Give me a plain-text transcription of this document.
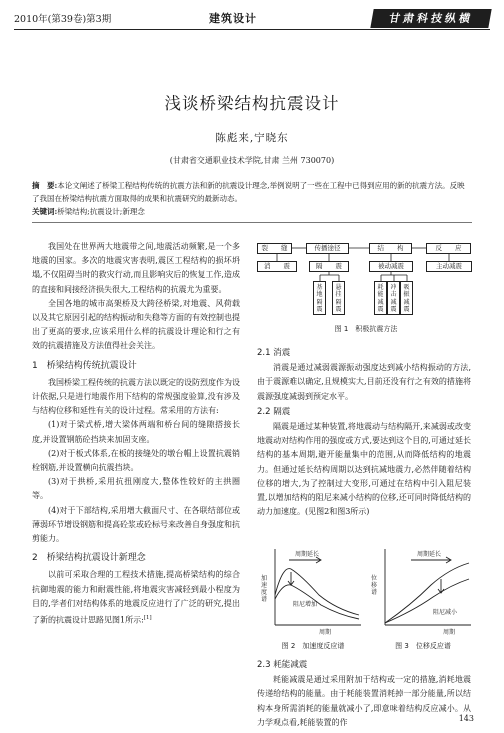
2010年(第39卷)第3期	建筑设计	甘肃科技纵横
浅谈桥梁结构抗震设计
陈彪来,宁晓东
(甘肃省交通职业技术学院,甘肃 兰州 730070)
摘　要:本论文阐述了桥梁工程结构传统的抗震方法和新的抗震设计理念,举例说明了一些在工程中已得到应用的新的抗震方法。反映了我国在桥梁结构抗震方面取得的成果和抗震研究的最新动态。
关键词:桥梁结构;抗震设计;新理念

我国处在世界两大地震带之间,地震活动频繁,是一个多地震的国家。多次的地震灾害表明,震区工程结构的损坏坍塌,不仅阻碍当时的救灾行动,而且影响灾后的恢复工作,造成的直接和间接经济损失很大,工程结构的抗震尤为重要。

全国各地的城市高架桥及大跨径桥梁,对地震、风荷载以及其它原因引起的结构振动和失稳等方面的有效控制也提出了更高的要求,应该采用什么样的抗震设计理论和行之有效的抗震措施及方法值得社会关注。

1　桥梁结构传统抗震设计

我国桥梁工程传统的抗震方法以既定的设防烈度作为设计依据,只是进行地震作用下结构的常规强度验算,没有涉及与结构位移和延性有关的设计过程。常采用的方法有:

(1)对于梁式桥,增大梁体两端和桥台间的缝隙搭接长度,并设置钢筋砼挡块来加固支座。

(2)对于板式体系,在板的接缝处的墩台帽上设置抗震销栓钢筋,并设置横向抗震挡块。

(3)对于拱桥,采用抗扭刚度大,整体性较好的主拱圈等。

(4)对于下部结构,采用增大截面尺寸、在各联结部位或薄弱环节增设钢筋和提高砼浆或砼标号来改善自身强度和抗剪能力。

2　桥梁结构抗震设计新理念

以前可采取合理的工程技术措施,提高桥梁结构的综合抗御地震的能力和耐震性能,将地震灾害减轻到最小程度为目的,学者们对结构体系的地震反应进行了广泛的研究,提出了新的抗震设计思路见图1所示:[1]

裂　　缝	传播途径	结　　构	反　　应
消　　震	隔　　震	被动减震	主动减震
基地隔震
悬挂隔震
耗能减震
冲击减震
吸振减震
图 1　积极抗震方法
2.1 消震

消震是通过减弱震源振动强度达到减小结构振动的方法,由于震源难以确定,且规模实大,目前还没有行之有效的措施将震源强度减弱到预定水平。

2.2 隔震

隔震是通过某种装置,将地震动与结构隔开,来减弱或改变地震动对结构作用的强度或方式,要达到这个目的,可通过延长结构的基本周期,避开能量集中的范围,从而降低结构的地震力。但通过延长结构周期以达到抗减地震力,必然伴随着结构位移的增大,为了控制过大变形,可通过在结构中引入阻尼装置,以增加结构的阻尼来减小结构的位移,还可同时降低结构的动力加速度。(见图2和图3所示)

加速度谱
周期延长
阻尼增加
周期
位移谱
周期延长
阻尼减小
周期
图 2　加速度反应谱	图 3　位移反应谱
2.3 耗能减震

耗能减震是通过采用附加于结构或一定的措施,消耗地震传递给结构的能量。由于耗能装置消耗掉一部分能量,所以结构本身所需消耗的能量就减小了,即意味着结构反应减小。从力学观点看,耗能装置的作	143
